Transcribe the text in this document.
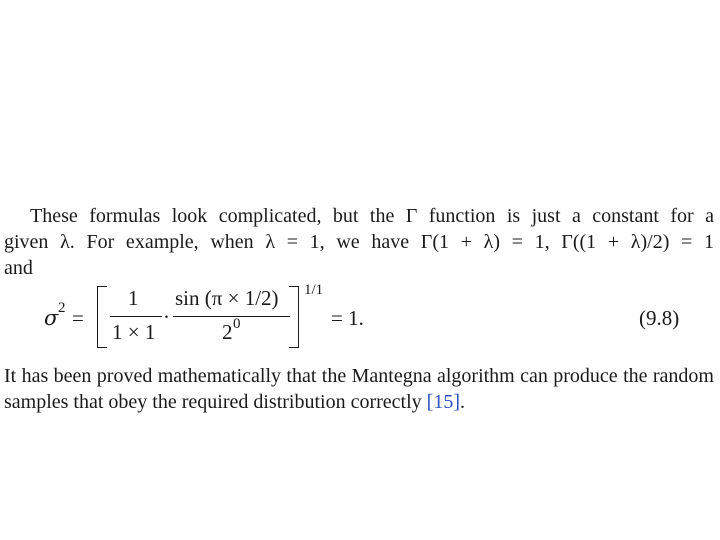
These formulas look complicated, but the Γ function is just a constant for a
given λ. For example, when λ = 1, we have Γ(1 + λ) = 1, Γ((1 + λ)/2) = 1
and
σ 2 =
1
1 × 1
·
sin (π × 1/2)
2 0
1/1
= 1.	(9.8)
It has been proved mathematically that the Mantegna algorithm can produce the random
samples that obey the required distribution correctly [15].
